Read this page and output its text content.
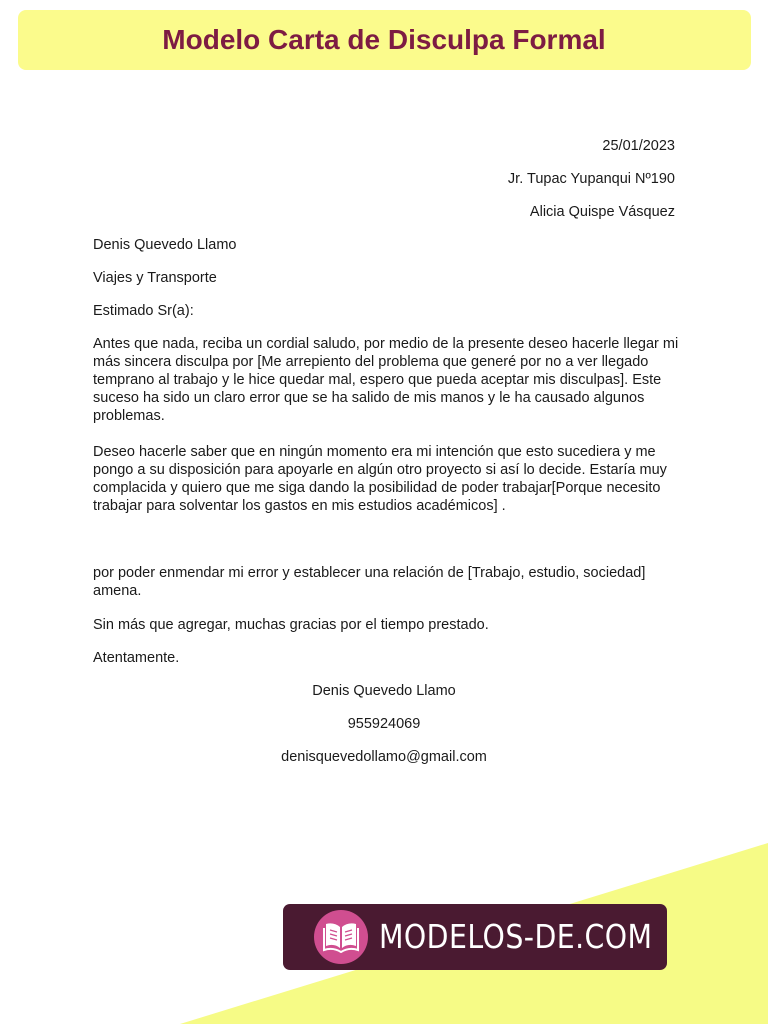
Modelo Carta de Disculpa Formal
25/01/2023
Jr. Tupac Yupanqui Nº190
Alicia Quispe Vásquez
Denis Quevedo Llamo
Viajes y Transporte
Estimado Sr(a):
Antes que nada, reciba un cordial saludo, por medio de la presente deseo hacerle llegar mi más sincera disculpa por [Me arrepiento del problema que generé por no a ver llegado temprano al trabajo y le hice quedar mal, espero que pueda aceptar mis disculpas]. Este suceso ha sido un claro error que se ha salido de mis manos y le ha causado algunos problemas.
Deseo hacerle saber que en ningún momento era mi intención que esto sucediera y me pongo a su disposición para apoyarle en algún otro proyecto si así lo decide. Estaría muy complacida y quiero que me siga dando la posibilidad de poder trabajar[Porque necesito trabajar para solventar los gastos en mis estudios académicos] .
por poder enmendar mi error y establecer una relación de [Trabajo, estudio, sociedad] amena.
Sin más que agregar, muchas gracias por el tiempo prestado.
Atentamente.
Denis Quevedo Llamo
955924069
denisquevedollamo@gmail.com
MODELOS-DE.COM
